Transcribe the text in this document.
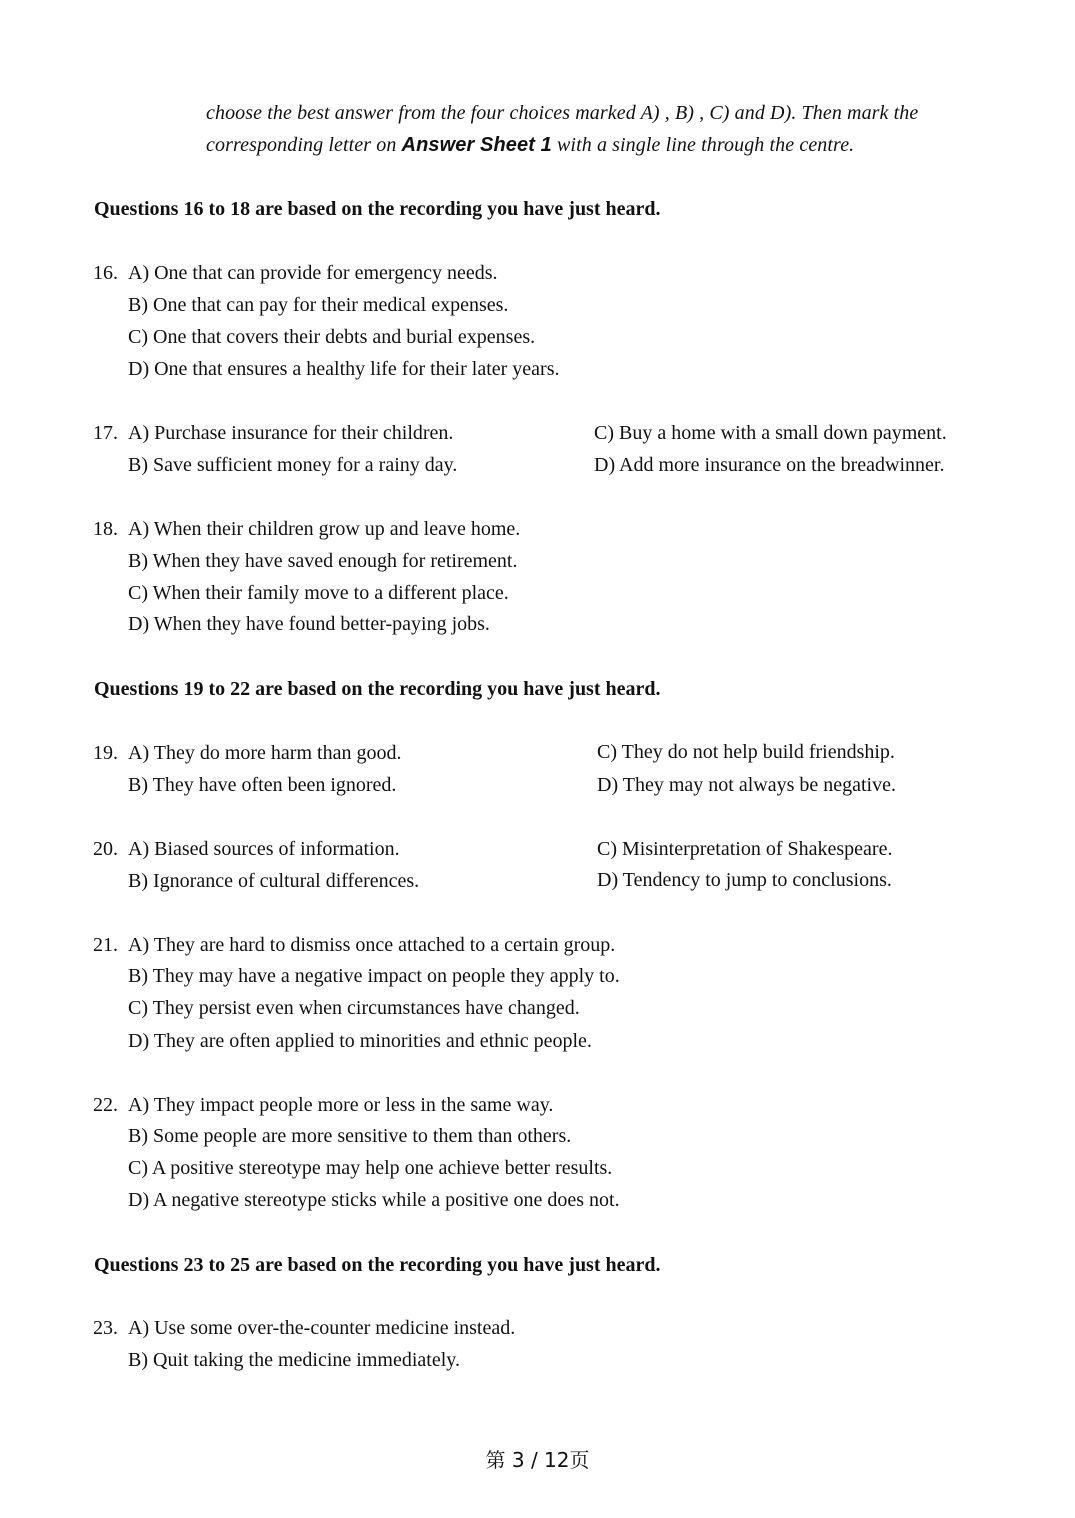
choose the best answer from the four choices marked A) , B) , C) and D). Then mark the
corresponding letter on Answer Sheet 1 with a single line through the centre.
Questions 16 to 18 are based on the recording you have just heard.
16. A) One that can provide for emergency needs.
B) One that can pay for their medical expenses.
C) One that covers their debts and burial expenses.
D) One that ensures a healthy life for their later years.
17. A) Purchase insurance for their children.
B) Save sufficient money for a rainy day.
C) Buy a home with a small down payment.
D) Add more insurance on the breadwinner.
18. A) When their children grow up and leave home.
B) When they have saved enough for retirement.
C) When their family move to a different place.
D) When they have found better-paying jobs.
Questions 19 to 22 are based on the recording you have just heard.
19. A) They do more harm than good.
B) They have often been ignored.
C) They do not help build friendship.
D) They may not always be negative.
20. A) Biased sources of information.
B) Ignorance of cultural differences.
C) Misinterpretation of Shakespeare.
D) Tendency to jump to conclusions.
21. A) They are hard to dismiss once attached to a certain group.
B) They may have a negative impact on people they apply to.
C) They persist even when circumstances have changed.
D) They are often applied to minorities and ethnic people.
22. A) They impact people more or less in the same way.
B) Some people are more sensitive to them than others.
C) A positive stereotype may help one achieve better results.
D) A negative stereotype sticks while a positive one does not.
Questions 23 to 25 are based on the recording you have just heard.
23. A) Use some over-the-counter medicine instead.
B) Quit taking the medicine immediately.
第 3 / 12页
